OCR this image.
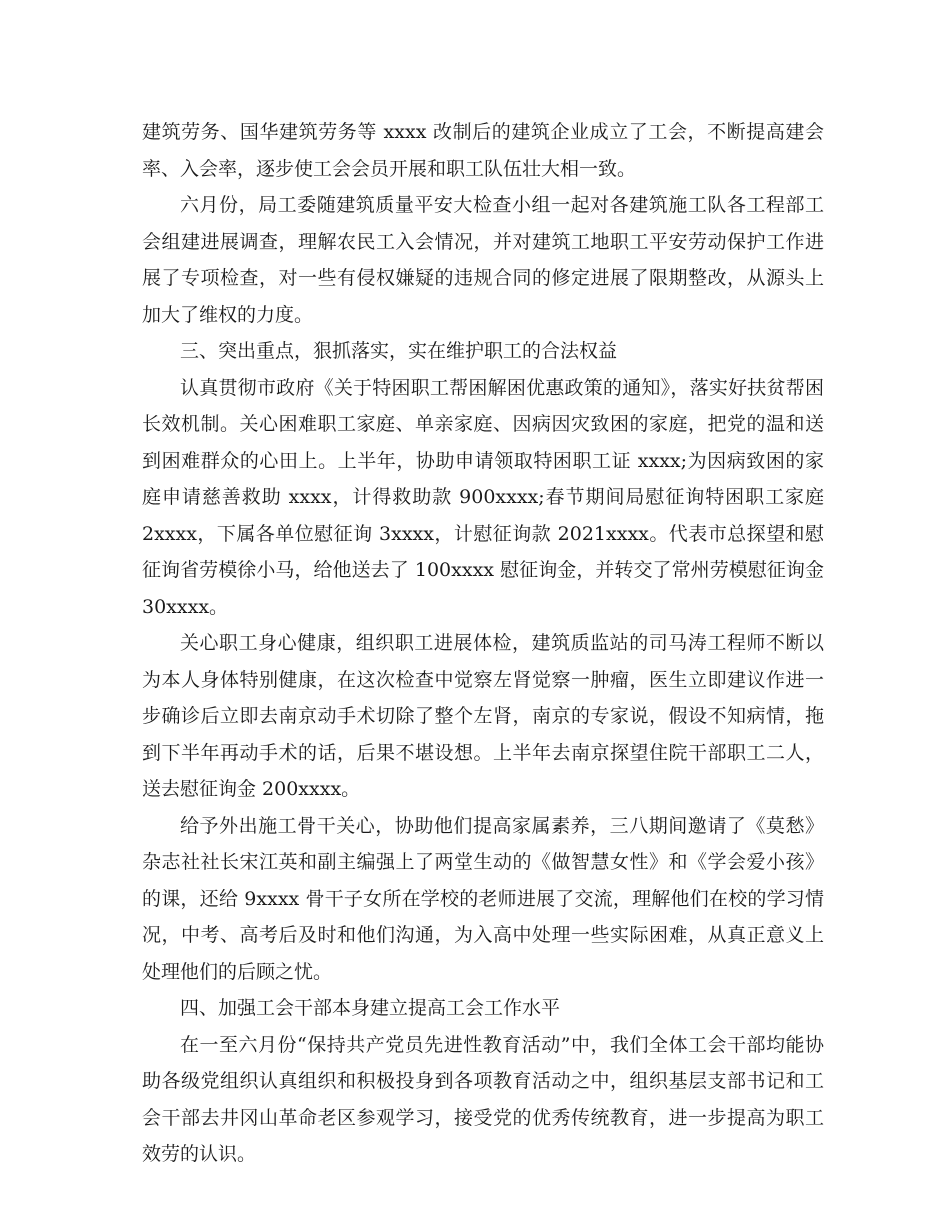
建筑劳务、国华建筑劳务等 xxxx 改制后的建筑企业成立了工会，不断提高建会率、入会率，逐步使工会会员开展和职工队伍壮大相一致。

六月份，局工委随建筑质量平安大检查小组一起对各建筑施工队各工程部工会组建进展调查，理解农民工入会情况，并对建筑工地职工平安劳动保护工作进展了专项检查，对一些有侵权嫌疑的违规合同的修定进展了限期整改，从源头上加大了维权的力度。

三、突出重点，狠抓落实，实在维护职工的合法权益

认真贯彻市政府《关于特困职工帮困解困优惠政策的通知》，落实好扶贫帮困长效机制。关心困难职工家庭、单亲家庭、因病因灾致困的家庭，把党的温和送到困难群众的心田上。上半年，协助申请领取特困职工证 xxxx;为因病致困的家庭申请慈善救助 xxxx，计得救助款 900xxxx;春节期间局慰征询特困职工家庭 2xxxx，下属各单位慰征询 3xxxx，计慰征询款 2021xxxx。代表市总探望和慰征询省劳模徐小马，给他送去了 100xxxx 慰征询金，并转交了常州劳模慰征询金 30xxxx。

关心职工身心健康，组织职工进展体检，建筑质监站的司马涛工程师不断以为本人身体特别健康，在这次检查中觉察左肾觉察一肿瘤，医生立即建议作进一步确诊后立即去南京动手术切除了整个左肾，南京的专家说，假设不知病情，拖到下半年再动手术的话，后果不堪设想。上半年去南京探望住院干部职工二人，送去慰征询金 200xxxx。

给予外出施工骨干关心，协助他们提高家属素养，三八期间邀请了《莫愁》杂志社社长宋江英和副主编强上了两堂生动的《做智慧女性》和《学会爱小孩》的课，还给 9xxxx 骨干子女所在学校的老师进展了交流，理解他们在校的学习情况，中考、高考后及时和他们沟通，为入高中处理一些实际困难，从真正意义上处理他们的后顾之忧。

四、加强工会干部本身建立提高工会工作水平

在一至六月份“保持共产党员先进性教育活动”中，我们全体工会干部均能协助各级党组织认真组织和积极投身到各项教育活动之中，组织基层支部书记和工会干部去井冈山革命老区参观学习，接受党的优秀传统教育，进一步提高为职工效劳的认识。
